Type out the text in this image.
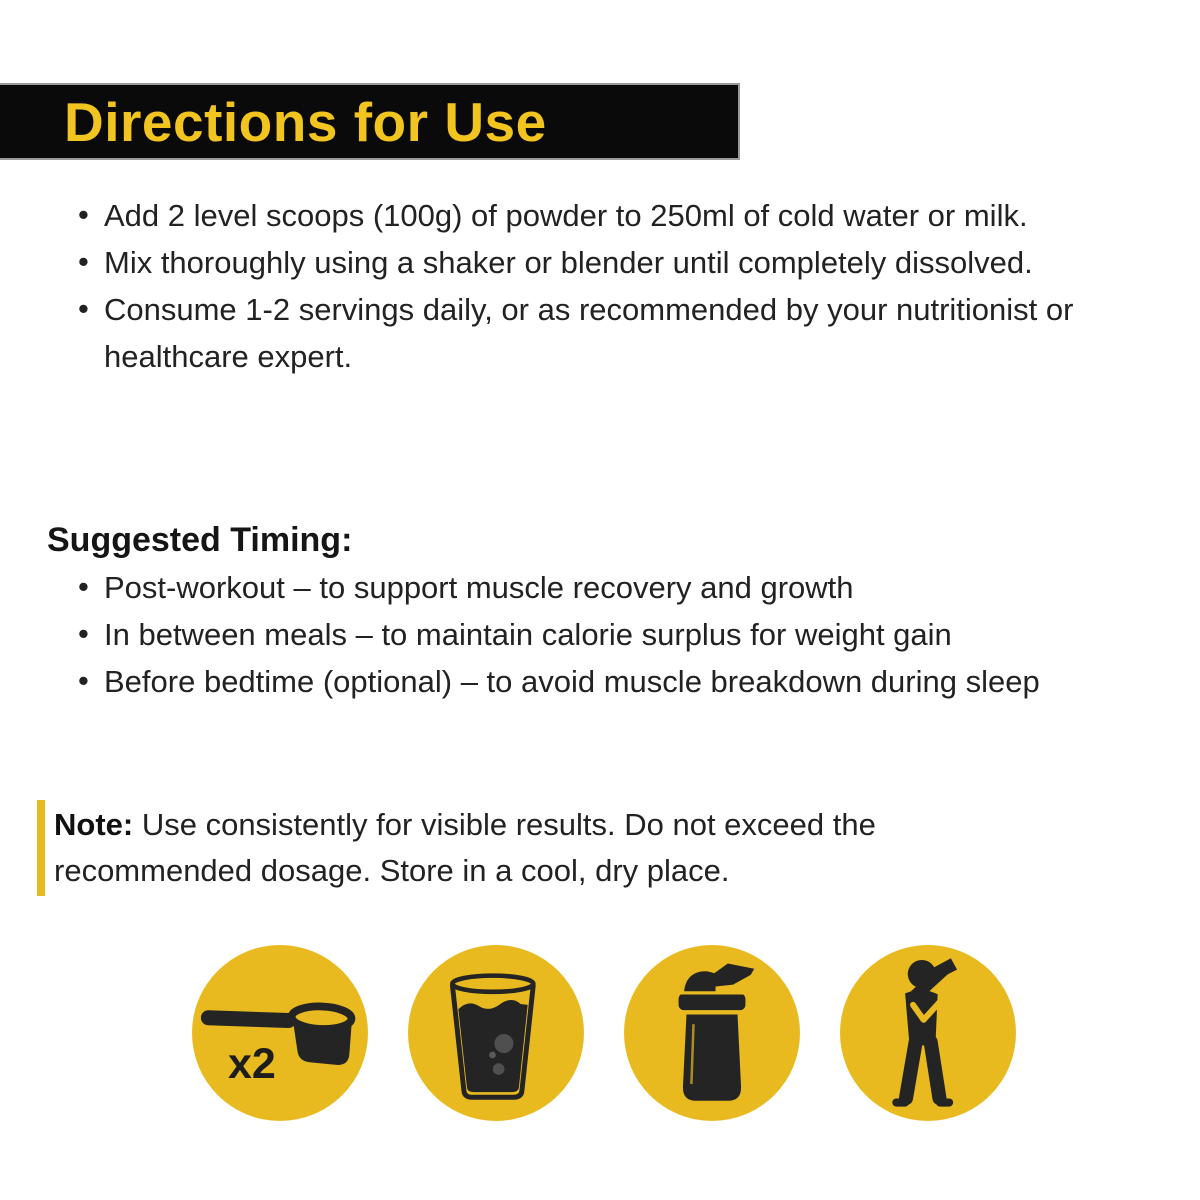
Directions for Use
• Add 2 level scoops (100g) of powder to 250ml of cold water or milk.
• Mix thoroughly using a shaker or blender until completely dissolved.
• Consume 1-2 servings daily, or as recommended by your nutritionist or healthcare expert.
Suggested Timing:
• Post-workout – to support muscle recovery and growth
• In between meals – to maintain calorie surplus for weight gain
• Before bedtime (optional) – to avoid muscle breakdown during sleep
Note: Use consistently for visible results. Do not exceed the recommended dosage. Store in a cool, dry place.
x2
